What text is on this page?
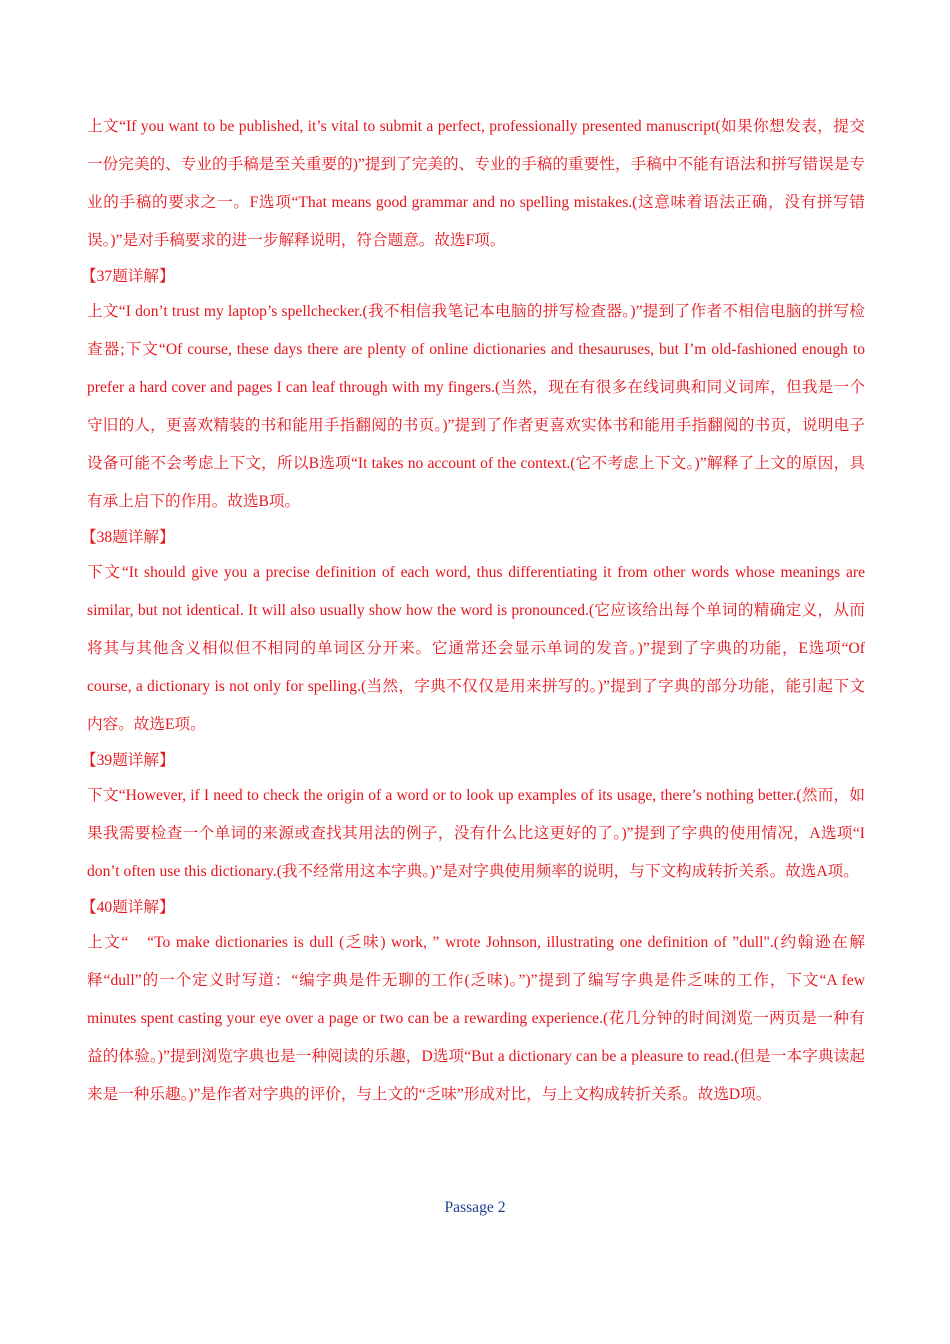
上文“If you want to be published, it’s vital to submit a perfect, professionally presented manuscript(如果你想发表，提交一份完美的、专业的手稿是至关重要的)”提到了完美的、专业的手稿的重要性，手稿中不能有语法和拼写错误是专业的手稿的要求之一。F选项“That means good grammar and no spelling mistakes.(这意味着语法正确，没有拼写错误。)”是对手稿要求的进一步解释说明，符合题意。故选F项。

【37题详解】

上文“I don’t trust my laptop’s spellchecker.(我不相信我笔记本电脑的拼写检查器。)”提到了作者不相信电脑的拼写检查器;下文“Of course, these days there are plenty of online dictionaries and thesauruses, but I’m old-fashioned enough to prefer a hard cover and pages I can leaf through with my fingers.(当然，现在有很多在线词典和同义词库，但我是一个守旧的人，更喜欢精装的书和能用手指翻阅的书页。)”提到了作者更喜欢实体书和能用手指翻阅的书页，说明电子设备可能不会考虑上下文，所以B选项“It takes no account of the context.(它不考虑上下文。)”解释了上文的原因，具有承上启下的作用。故选B项。

【38题详解】

下文“It should give you a precise definition of each word, thus differentiating it from other words whose meanings are similar, but not identical. It will also usually show how the word is pronounced.(它应该给出每个单词的精确定义，从而将其与其他含义相似但不相同的单词区分开来。它通常还会显示单词的发音。)”提到了字典的功能，E选项“Of course, a dictionary is not only for spelling.(当然，字典不仅仅是用来拼写的。)”提到了字典的部分功能，能引起下文内容。故选E项。

【39题详解】

下文“However, if I need to check the origin of a word or to look up examples of its usage, there’s nothing better.(然而，如果我需要检查一个单词的来源或查找其用法的例子，没有什么比这更好的了。)”提到了字典的使用情况，A选项“I don’t often use this dictionary.(我不经常用这本字典。)”是对字典使用频率的说明，与下文构成转折关系。故选A项。

【40题详解】

上文“　“To make dictionaries is dull (乏味) work, ” wrote Johnson, illustrating one definition of ”dull".(约翰逊在解释“dull”的一个定义时写道：“编字典是件无聊的工作(乏味)。”)”提到了编写字典是件乏味的工作，下文“A few minutes spent casting your eye over a page or two can be a rewarding experience.(花几分钟的时间浏览一两页是一种有益的体验。)”提到浏览字典也是一种阅读的乐趣，D选项“But a dictionary can be a pleasure to read.(但是一本字典读起来是一种乐趣。)”是作者对字典的评价，与上文的“乏味”形成对比，与上文构成转折关系。故选D项。

Passage 2
